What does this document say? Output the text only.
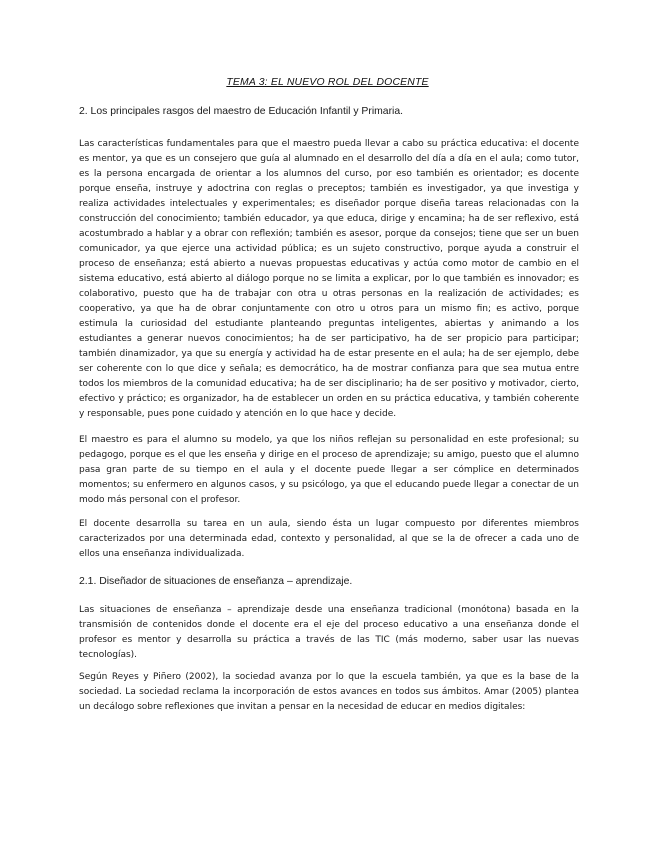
TEMA 3: EL NUEVO ROL DEL DOCENTE

2. Los principales rasgos del maestro de Educación Infantil y Primaria.

Las características fundamentales para que el maestro pueda llevar a cabo su práctica educativa: el docente es mentor, ya que es un consejero que guía al alumnado en el desarrollo del día a día en el aula; como tutor, es la persona encargada de orientar a los alumnos del curso, por eso también es orientador; es docente porque enseña, instruye y adoctrina con reglas o preceptos; también es investigador, ya que investiga y realiza actividades intelectuales y experimentales; es diseñador porque diseña tareas relacionadas con la construcción del conocimiento; también educador, ya que educa, dirige y encamina; ha de ser reflexivo, está acostumbrado a hablar y a obrar con reflexión; también es asesor, porque da consejos; tiene que ser un buen comunicador, ya que ejerce una actividad pública; es un sujeto constructivo, porque ayuda a construir el proceso de enseñanza; está abierto a nuevas propuestas educativas y actúa como motor de cambio en el sistema educativo, está abierto al diálogo porque no se limita a explicar, por lo que también es innovador; es colaborativo, puesto que ha de trabajar con otra u otras personas en la realización de actividades; es cooperativo, ya que ha de obrar conjuntamente con otro u otros para un mismo fin; es activo, porque estimula la curiosidad del estudiante planteando preguntas inteligentes, abiertas y animando a los estudiantes a generar nuevos conocimientos; ha de ser participativo, ha de ser propicio para participar; también dinamizador, ya que su energía y actividad ha de estar presente en el aula; ha de ser ejemplo, debe ser coherente con lo que dice y señala; es democrático, ha de mostrar confianza para que sea mutua entre todos los miembros de la comunidad educativa; ha de ser disciplinario; ha de ser positivo y motivador, cierto, efectivo y práctico; es organizador, ha de establecer un orden en su práctica educativa, y también coherente y responsable, pues pone cuidado y atención en lo que hace y decide.

El maestro es para el alumno su modelo, ya que los niños reflejan su personalidad en este profesional; su pedagogo, porque es el que les enseña y dirige en el proceso de aprendizaje; su amigo, puesto que el alumno pasa gran parte de su tiempo en el aula y el docente puede llegar a ser cómplice en determinados momentos; su enfermero en algunos casos, y su psicólogo, ya que el educando puede llegar a conectar de un modo más personal con el profesor.

El docente desarrolla su tarea en un aula, siendo ésta un lugar compuesto por diferentes miembros caracterizados por una determinada edad, contexto y personalidad, al que se la de ofrecer a cada uno de ellos una enseñanza individualizada.

2.1. Diseñador de situaciones de enseñanza – aprendizaje.

Las situaciones de enseñanza – aprendizaje desde una enseñanza tradicional (monótona) basada en la transmisión de contenidos donde el docente era el eje del proceso educativo a una enseñanza donde el profesor es mentor y desarrolla su práctica a través de las TIC (más moderno, saber usar las nuevas tecnologías).

Según Reyes y Piñero (2002), la sociedad avanza por lo que la escuela también, ya que es la base de la sociedad. La sociedad reclama la incorporación de estos avances en todos sus ámbitos. Amar (2005) plantea un decálogo sobre reflexiones que invitan a pensar en la necesidad de educar en medios digitales:
